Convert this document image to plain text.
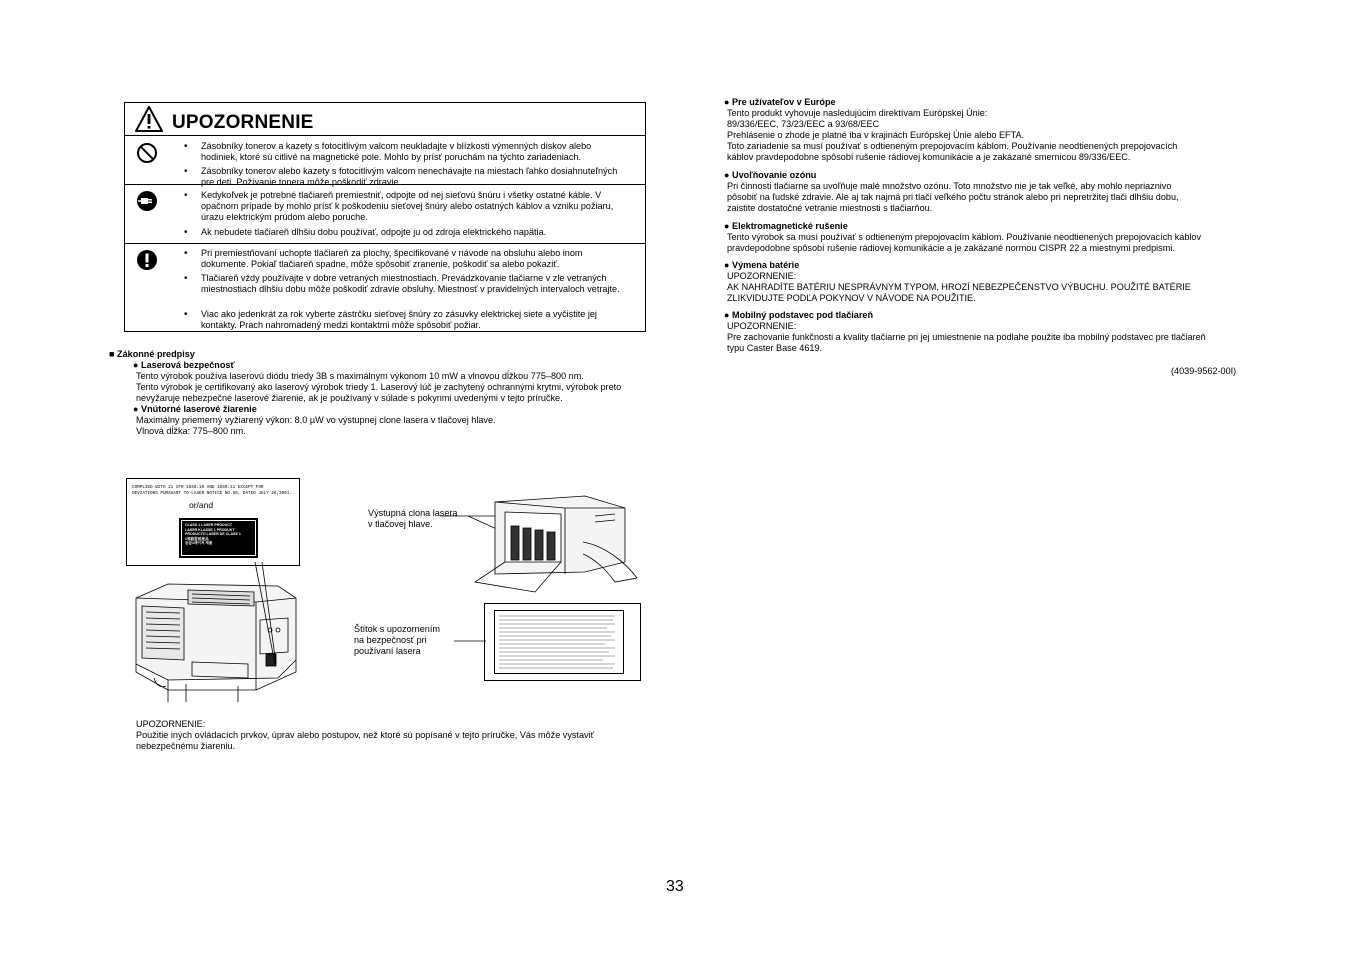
UPOZORNENIE
• Zásobníky tonerov a kazety s fotocitlivým valcom neukladajte v blízkosti výmenných diskov alebo hodiniek, ktoré sú citlivé na magnetické pole. Mohlo by prísť poruchám na týchto zariadeniach.
• Zásobníky tonerov alebo kazety s fotocitlivým valcom nenechávajte na miestach ľahko dosiahnuteľných pre deti. Požívanie tonera môže poškodiť zdravie.
• Kedykoľvek je potrebné tlačiareň premiestniť, odpojte od nej sieťovú šnúru i všetky ostatné káble. V opačnom prípade by mohlo prísť k poškodeniu sieťovej šnúry alebo ostatných káblov a vzniku požiaru, úrazu elektrickým prúdom alebo poruche.
• Ak nebudete tlačiareň dlhšiu dobu používať, odpojte ju od zdroja elektrického napätia.
• Pri premiestňovaní uchopte tlačiareň za plochy, špecifikované v návode na obsluhu alebo inom dokumente. Pokiaľ tlačiareň spadne, môže spôsobiť zranenie, poškodiť sa alebo pokaziť.
• Tlačiareň vždy používajte v dobre vetraných miestnostiach. Prevádzkovanie tlačiarne v zle vetraných miestnostiach dlhšiu dobu môže poškodiť zdravie obsluhy. Miestnosť v pravidelných intervaloch vetrajte.
• Viac ako jedenkrát za rok vyberte zástrčku sieťovej šnúry zo zásuvky elektrickej siete a vyčistite jej kontakty. Prach nahromadený medzi kontaktmi môže spôsobiť požiar.
■ Zákonné predpisy
● Laserová bezpečnosť
Tento výrobok používa laserovú diódu triedy 3B s maximálnym výkonom 10 mW a vlnovou dĺžkou 775–800 nm.
Tento výrobok je certifikovaný ako laserový výrobok triedy 1. Laserový lúč je zachytený ochrannými krytmi, výrobok preto
nevyžaruje nebezpečné laserové žiarenie, ak je používaný v súlade s pokynmi uvedenými v tejto príručke.
● Vnútorné laserové žiarenie
Maximálny priemerný vyžiarený výkon: 8,0 µW vo výstupnej clone lasera v tlačovej hlave.
Vlnová dĺžka: 775–800 nm.
COMPLIED WITH 21 CFR 1040.10 AND 1040.11 EXCEPT FOR
DEVIATIONS PURSUANT TO LASER NOTICE NO.50, DATED JULY 26,2001.
or/and
CLASS 1 LASER PRODUCT
LASER KLASSE 1 PRODUKT
PRODUCTO LASER DE CLASE 1
1等級雷射產品
등급1레이저 제품
Výstupná clona lasera
v tlačovej hlave.
Štítok s upozornením
na bezpečnosť pri
používaní lasera
UPOZORNENIE:
Použitie iných ovládacích prvkov, úprav alebo postupov, než ktoré sú popísané v tejto príručke, Vás môže vystaviť
nebezpečnému žiareniu.
● Pre užívateľov v Európe
Tento produkt vyhovuje nasledujúcim direktívam Európskej Únie:
89/336/EEC, 73/23/EEC a 93/68/EEC
Prehlásenie o zhode je platné iba v krajinách Európskej Únie alebo EFTA.
Toto zariadenie sa musí používať s odtieneným prepojovacím káblom. Používanie neodtienených prepojovacích
káblov pravdepodobne spôsobí rušenie rádiovej komunikácie a je zakázané smernicou 89/336/EEC.
● Uvoľňovanie ozónu
Pri činnosti tlačiarne sa uvoľňuje malé množstvo ozónu. Toto množstvo nie je tak veľké, aby mohlo nepriaznivo
pôsobiť na ľudské zdravie. Ale aj tak najmä pri tlači veľkého počtu stránok alebo pri nepretržitej tlači dlhšiu dobu,
zaistite dostatočné vetranie miestnosti s tlačiarňou.
● Elektromagnetické rušenie
Tento výrobok sa musí používať s odtieneným prepojovacím káblom. Používanie neodtienených prepojovacích káblov
pravdepodobne spôsobí rušenie rádiovej komunikácie a je zakázané normou CISPR 22 a miestnymi predpismi.
● Výmena batérie
UPOZORNENIE:
AK NAHRADÍTE BATÉRIU NESPRÁVNYM TYPOM, HROZÍ NEBEZPEČENSTVO VÝBUCHU. POUŽITÉ BATÉRIE
ZLIKVIDUJTE PODĽA POKYNOV V NÁVODE NA POUŽITIE.
● Mobilný podstavec pod tlačiareň
UPOZORNENIE:
Pre zachovanie funkčnosti a kvality tlačiarne pri jej umiestnenie na podlahe použite iba mobilný podstavec pre tlačiareň
typu Caster Base 4619.
(4039-9562-00I)
33
